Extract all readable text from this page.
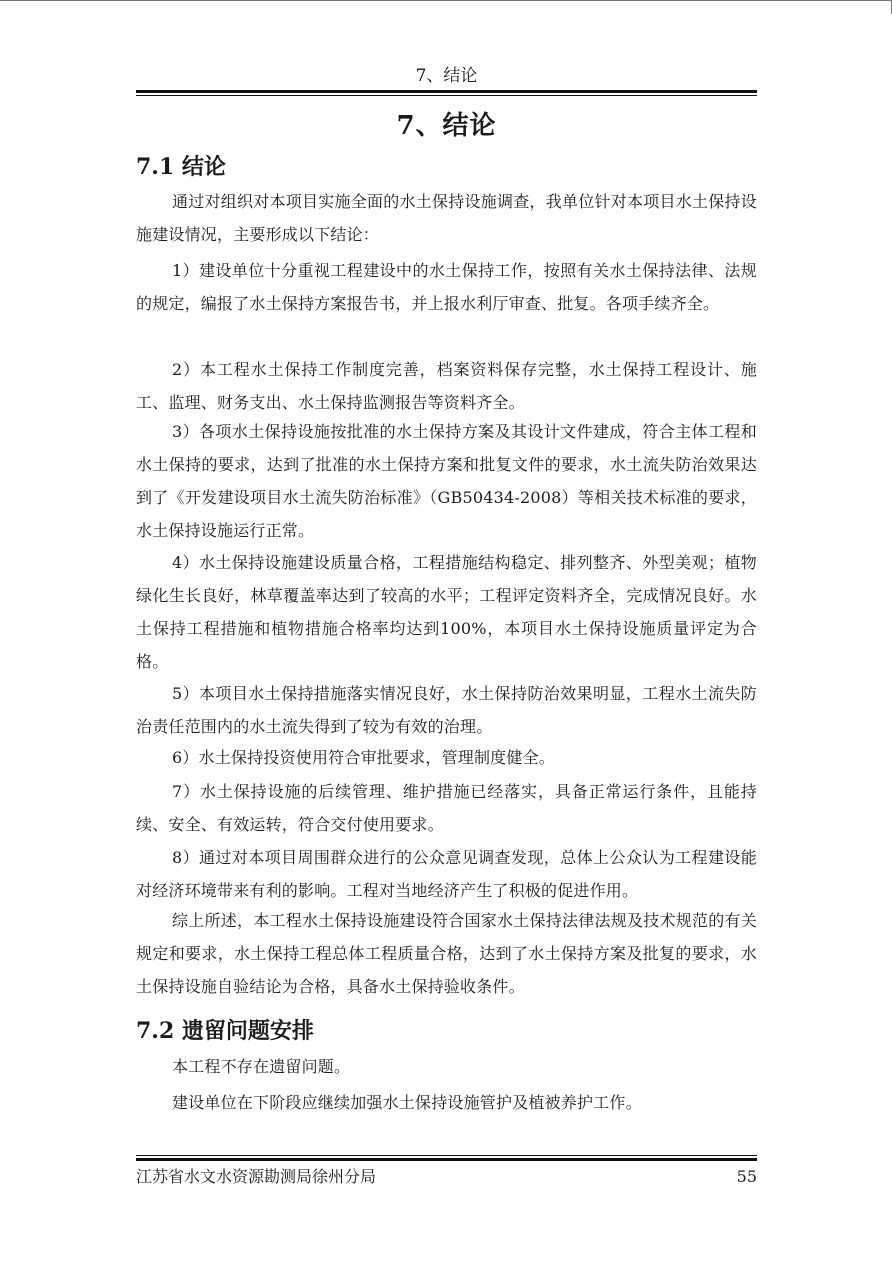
7、结论
7、结论
7.1 结论
通过对组织对本项目实施全面的水土保持设施调查，我单位针对本项目水土保持设施建设情况，主要形成以下结论：
1）建设单位十分重视工程建设中的水土保持工作，按照有关水土保持法律、法规的规定，编报了水土保持方案报告书，并上报水利厅审查、批复。各项手续齐全。
2）本工程水土保持工作制度完善，档案资料保存完整，水土保持工程设计、施工、监理、财务支出、水土保持监测报告等资料齐全。
3）各项水土保持设施按批准的水土保持方案及其设计文件建成，符合主体工程和水土保持的要求，达到了批准的水土保持方案和批复文件的要求，水土流失防治效果达到了《开发建设项目水土流失防治标准》（GB50434-2008）等相关技术标准的要求，水土保持设施运行正常。
4）水土保持设施建设质量合格，工程措施结构稳定、排列整齐、外型美观；植物绿化生长良好，林草覆盖率达到了较高的水平；工程评定资料齐全，完成情况良好。水土保持工程措施和植物措施合格率均达到100%，本项目水土保持设施质量评定为合格。
5）本项目水土保持措施落实情况良好，水土保持防治效果明显，工程水土流失防治责任范围内的水土流失得到了较为有效的治理。
6）水土保持投资使用符合审批要求，管理制度健全。
7）水土保持设施的后续管理、维护措施已经落实，具备正常运行条件，且能持续、安全、有效运转，符合交付使用要求。
8）通过对本项目周围群众进行的公众意见调查发现，总体上公众认为工程建设能对经济环境带来有利的影响。工程对当地经济产生了积极的促进作用。
综上所述，本工程水土保持设施建设符合国家水土保持法律法规及技术规范的有关规定和要求，水土保持工程总体工程质量合格，达到了水土保持方案及批复的要求，水土保持设施自验结论为合格，具备水土保持验收条件。
7.2 遗留问题安排
本工程不存在遗留问题。
建设单位在下阶段应继续加强水土保持设施管护及植被养护工作。
江苏省水文水资源勘测局徐州分局	55
